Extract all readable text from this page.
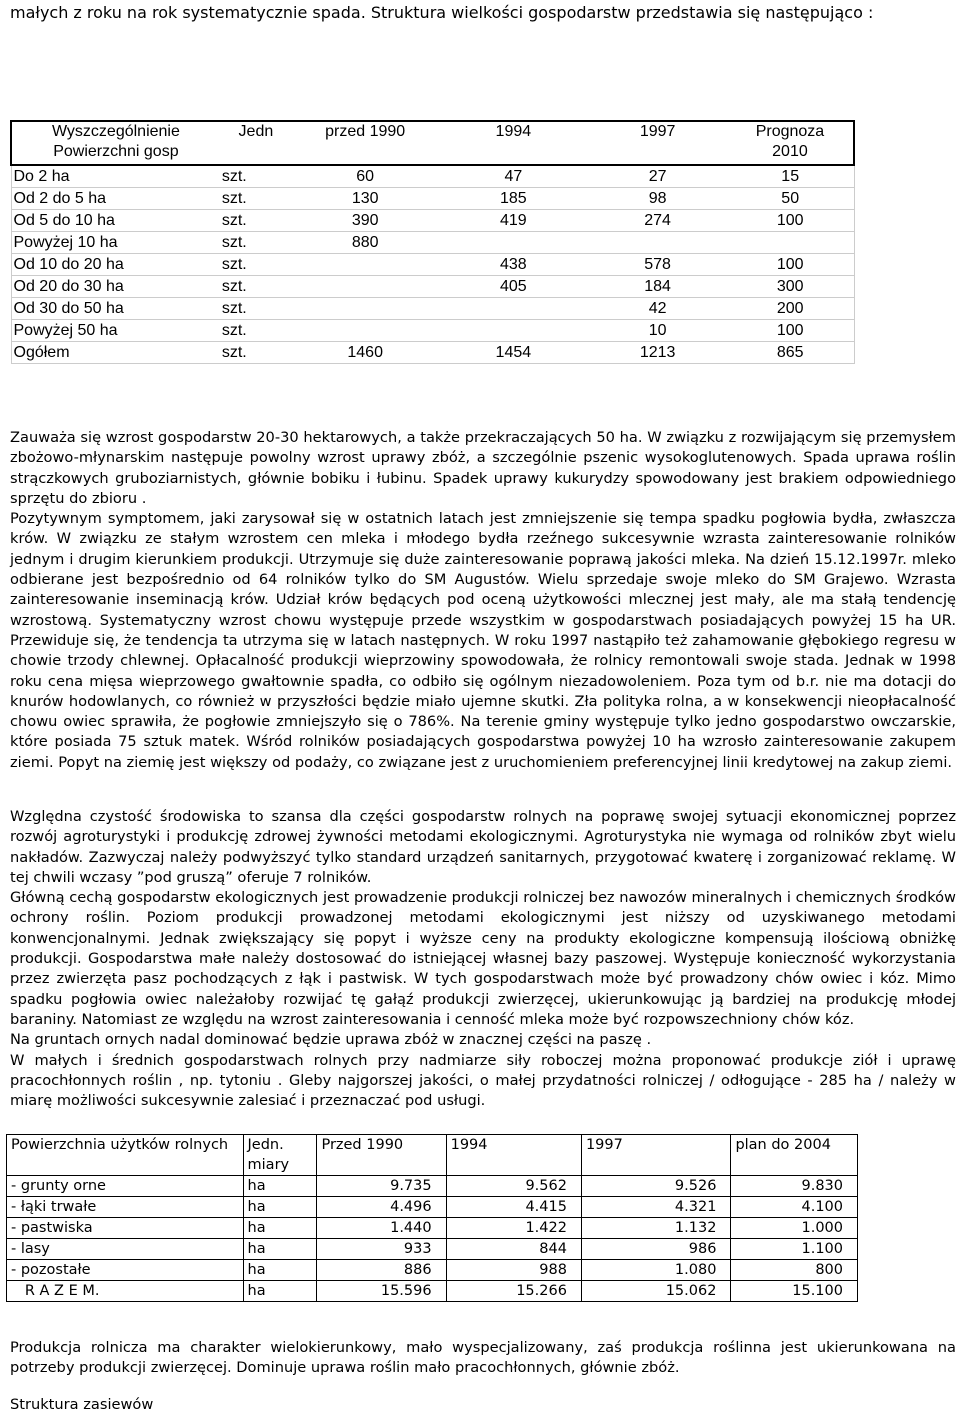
małych z roku na rok systematycznie spada. Struktura wielkości gospodarstw przedstawia się następująco :
Wyszczególnienie
Powierzchni gosp	Jedn	przed 1990	1994	1997	Prognoza
2010
Do 2 ha	szt.	60	47	27	15
Od 2 do 5 ha	szt.	130	185	98	50
Od 5 do 10 ha	szt.	390	419	274	100
Powyżej 10 ha	szt.	880			
Od 10 do 20 ha	szt.		438	578	100
Od 20 do 30 ha	szt.		405	184	300
Od 30 do 50 ha	szt.			42	200
Powyżej 50 ha	szt.			10	100
Ogółem	szt.	1460	1454	1213	865

Zauważa się wzrost gospodarstw 20-30 hektarowych, a także przekraczających 50 ha. W związku z rozwijającym się przemysłem zbożowo-młynarskim następuje powolny wzrost uprawy zbóż, a szczególnie pszenic wysokoglutenowych. Spada uprawa roślin strączkowych gruboziarnistych, głównie bobiku i łubinu. Spadek uprawy kukurydzy spowodowany jest brakiem odpowiedniego sprzętu do zbioru .

Pozytywnym symptomem, jaki zarysował się w ostatnich latach jest zmniejszenie się tempa spadku pogłowia bydła, zwłaszcza krów. W związku ze stałym wzrostem cen mleka i młodego bydła rzeźnego sukcesywnie wzrasta zainteresowanie rolników jednym i drugim kierunkiem produkcji. Utrzymuje się duże zainteresowanie poprawą jakości mleka. Na dzień 15.12.1997r. mleko odbierane jest bezpośrednio od 64 rolników tylko do SM Augustów. Wielu sprzedaje swoje mleko do SM Grajewo. Wzrasta zainteresowanie inseminacją krów. Udział krów będących pod oceną użytkowości mlecznej jest mały, ale ma stałą tendencję wzrostową. Systematyczny wzrost chowu występuje przede wszystkim w gospodarstwach posiadających powyżej 15 ha UR. Przewiduje się, że tendencja ta utrzyma się w latach następnych. W roku 1997 nastąpiło też zahamowanie głębokiego regresu w chowie trzody chlewnej. Opłacalność produkcji wieprzowiny spowodowała, że rolnicy remontowali swoje stada. Jednak w 1998 roku cena mięsa wieprzowego gwałtownie spadła, co odbiło się ogólnym niezadowoleniem. Poza tym od b.r. nie ma dotacji do knurów hodowlanych, co również w przyszłości będzie miało ujemne skutki. Zła polityka rolna, a w konsekwencji nieopłacalność chowu owiec sprawiła, że pogłowie zmniejszyło się o 786%. Na terenie gminy występuje tylko jedno gospodarstwo owczarskie, które posiada 75 sztuk matek. Wśród rolników posiadających gospodarstwa powyżej 10 ha wzrosło zainteresowanie zakupem ziemi. Popyt na ziemię jest większy od podaży, co związane jest z uruchomieniem preferencyjnej linii kredytowej na zakup ziemi.

Względna czystość środowiska to szansa dla części gospodarstw rolnych na poprawę swojej sytuacji ekonomicznej poprzez rozwój agroturystyki i produkcję zdrowej żywności metodami ekologicznymi. Agroturystyka nie wymaga od rolników zbyt wielu nakładów. Zazwyczaj należy podwyższyć tylko standard urządzeń sanitarnych, przygotować kwaterę i zorganizować reklamę. W tej chwili wczasy ”pod gruszą” oferuje 7 rolników.

Główną cechą gospodarstw ekologicznych jest prowadzenie produkcji rolniczej bez nawozów mineralnych i chemicznych środków ochrony roślin. Poziom produkcji prowadzonej metodami ekologicznymi jest niższy od uzyskiwanego metodami konwencjonalnymi. Jednak zwiększający się popyt i wyższe ceny na produkty ekologiczne kompensują ilościową obniżkę produkcji. Gospodarstwa małe należy dostosować do istniejącej własnej bazy paszowej. Występuje konieczność wykorzystania przez zwierzęta pasz pochodzących z łąk i pastwisk. W tych gospodarstwach może być prowadzony chów owiec i kóz. Mimo spadku pogłowia owiec należałoby rozwijać tę gałąź produkcji zwierzęcej, ukierunkowując ją bardziej na produkcję młodej baraniny. Natomiast ze względu na wzrost zainteresowania i cenność mleka może być rozpowszechniony chów kóz.

Na gruntach ornych nadal dominować będzie uprawa zbóż w znacznej części na paszę .

W małych i średnich gospodarstwach rolnych przy nadmiarze siły roboczej można proponować produkcje ziół i uprawę pracochłonnych roślin , np. tytoniu . Gleby najgorszej jakości, o małej przydatności rolniczej / odłogujące - 285 ha / należy w miarę możliwości sukcesywnie zalesiać i przeznaczać pod usługi.

Powierzchnia użytków rolnych	Jedn.
miary	Przed 1990	1994	1997	plan do 2004
- grunty orne	ha	9.735	9.562	9.526	9.830
- łąki trwałe	ha	4.496	4.415	4.321	4.100
- pastwiska	ha	1.440	1.422	1.132	1.000
- lasy	ha	933	844	986	1.100
- pozostałe	ha	886	988	1.080	800
R A Z E M.	ha	15.596	15.266	15.062	15.100
Produkcja rolnicza ma charakter wielokierunkowy, mało wyspecjalizowany, zaś produkcja roślinna jest ukierunkowana na potrzeby produkcji zwierzęcej. Dominuje uprawa roślin mało pracochłonnych, głównie zbóż.
Struktura zasiewów
